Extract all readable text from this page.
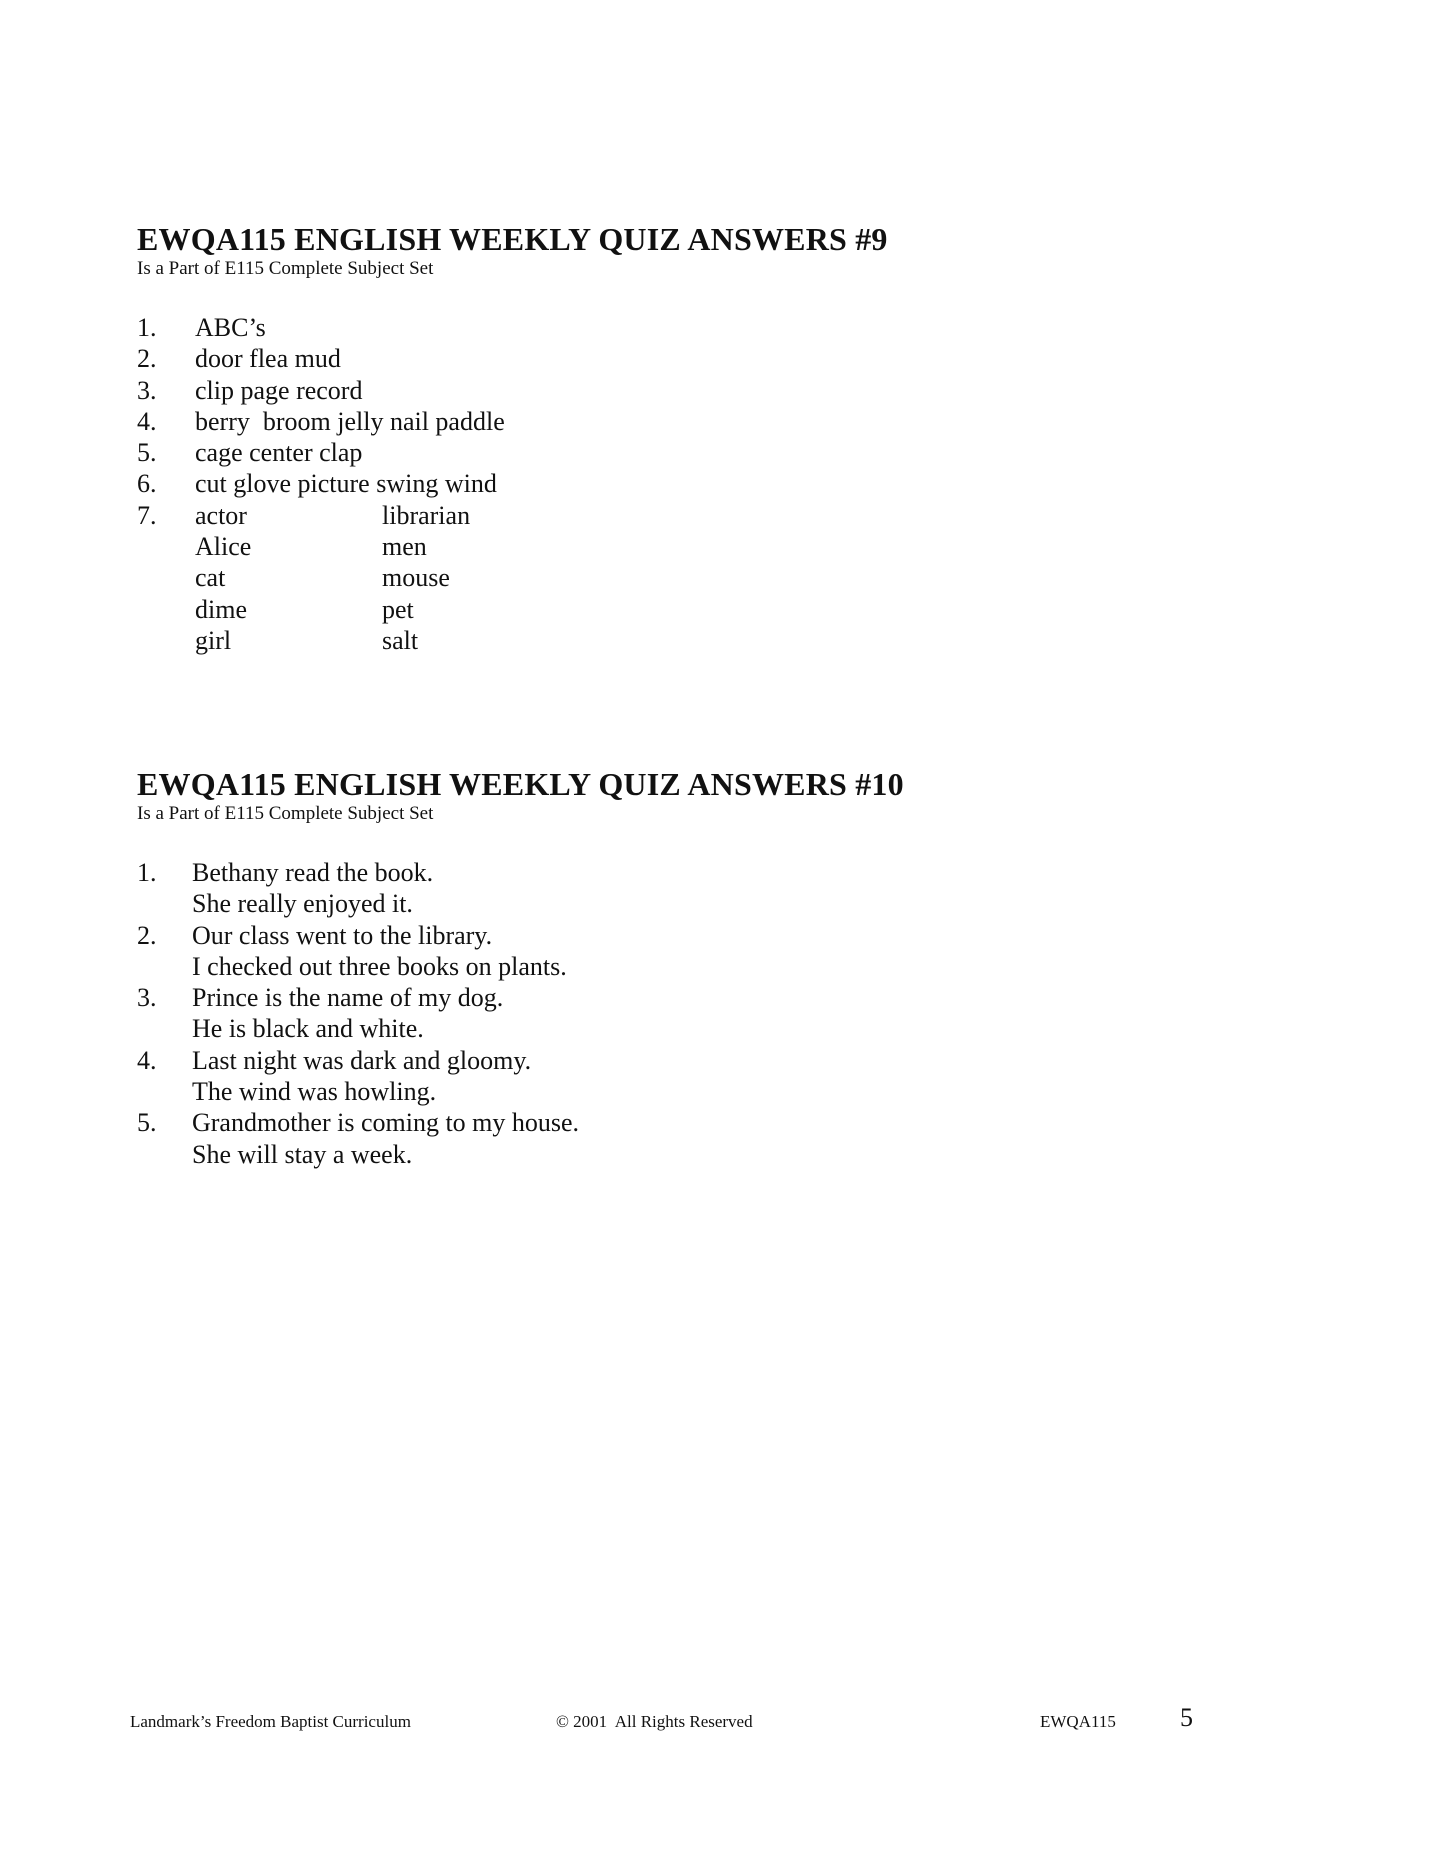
EWQA115 ENGLISH WEEKLY QUIZ ANSWERS #9

Is a Part of E115 Complete Subject Set

1. ABC’s
2. door flea mud
3. clip page record
4. berry  broom jelly nail paddle
5. cage center clap
6. cut glove picture swing wind
7. actor	librarian
Alice	men
cat	mouse
dime	pet
girl	salt
EWQA115 ENGLISH WEEKLY QUIZ ANSWERS #10

Is a Part of E115 Complete Subject Set

1. Bethany read the book.
She really enjoyed it.
2. Our class went to the library.
I checked out three books on plants.
3. Prince is the name of my dog.
He is black and white.
4. Last night was dark and gloomy.
The wind was howling.
5. Grandmother is coming to my house.
She will stay a week.
Landmark’s Freedom Baptist Curriculum	© 2001  All Rights Reserved	EWQA115 5
